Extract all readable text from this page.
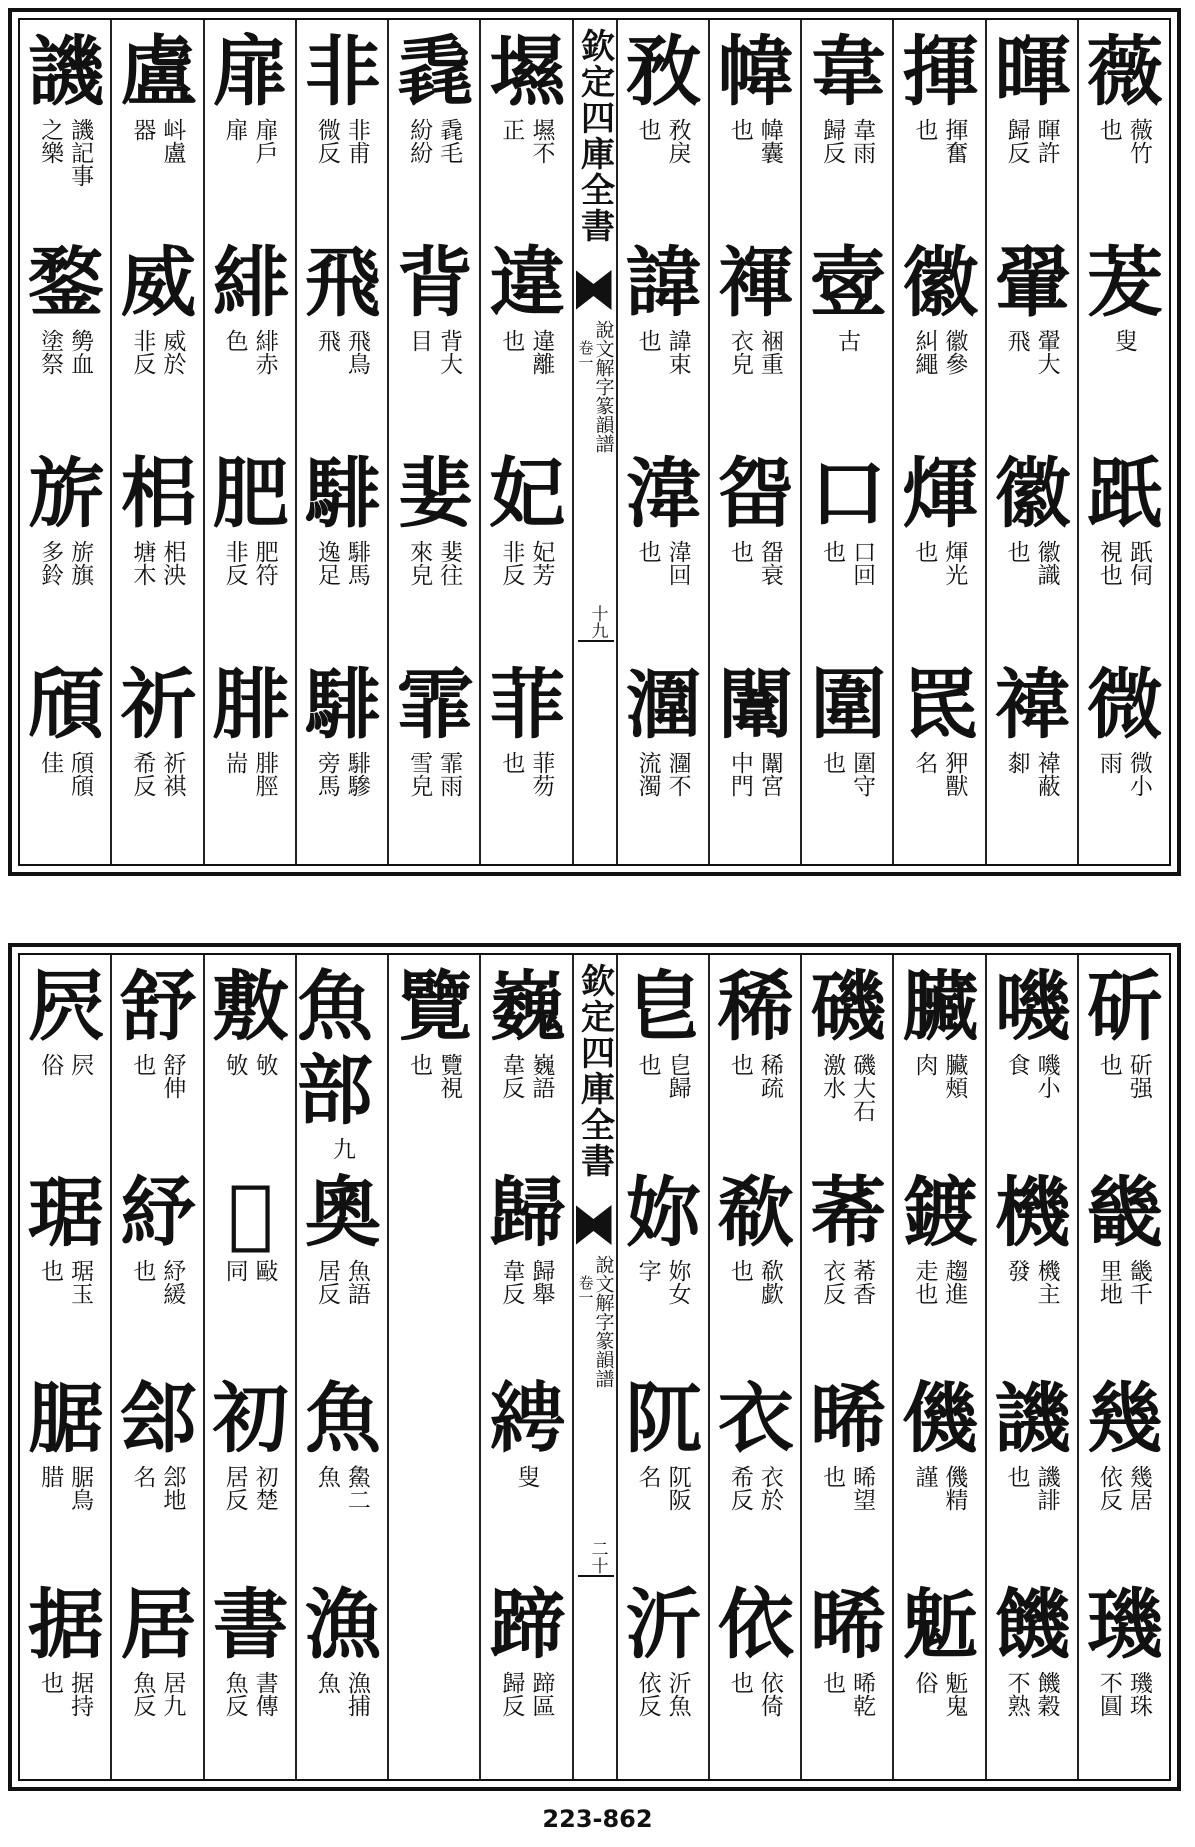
薇
薇竹
也
茇
叟
䟗
䟗伺
視也
微
微小
雨
暉
暉許
歸反
翬
翬大
飛
徽
徽識
也
褘
褘蔽
厀
揮
揮奮
也
徽
徽參
糾繩
煇
煇光
也
䍕
狎獸
名
韋
韋雨
歸反
㚃
古
口
口回
也
圍
圍守
也
幃
幃囊
也
褌
裍重
衣皃
㽜
㽜衰
也
闈
闈宮
中門
敄
敄戾
也
諱
諱束
也
湋
湋回
也
潿
潿不
流濁
欽定四庫全書
卷一
說文解字篆韻譜
十九
㙷
㙷不
正
違
違離
也
妃
妃芳
非反
菲
菲芴
也
毳
毳毛
紛紛
背
背大
目
婓
婓往
來皃
霏
霏雨
雪皃
非
非甫
微反
飛
飛鳥
飛
騑
騑馬
逸足
騑
騑驂
旁馬
扉
扉戶
扉
緋
緋赤
色
肥
肥符
非反
腓
腓脛
耑
盧
㞳盧
器
威
威於
非反
㭒
㭒泱
塘木
祈
祈祺
希反
譏
譏記事
之樂
鍪
㔢血
塗祭
旂
旂旗
多鈴
頎
頎頎
佳
斫
斫强
也
畿
畿千
里地
幾
幾居
依反
璣
璣珠
不圓
嘰
嘰小
食
機
機主
發
譏
譏誹
也
饑
饑穀
不熟
臟
臟頰
肉
鍍
趨進
走也
僟
僟精
謹
鬿
鬿鬼
俗
磯
磯大石
激水
莃
莃香
衣反
晞
晞望
也
晞
晞乾
也
稀
稀疏
也
欷
欷歔
也
衣
衣於
希反
依
依倚
也
皀
皀歸
也
妳
妳女
字
阢
阢阪
名
沂
沂魚
依反
欽定四庫全書
卷一
說文解字篆韻譜
二十
巍
巍語
韋反
歸
歸舉
韋反
𦀔
叟
蹄
蹄區
歸反
覽
覽視
也
魚部
九
奧
魚語
居反
魚
𩺰二
魚
漁
漁捕
魚
敷
敂
敂
𢿱
敺
同
初
初楚
居反
書
書傳
魚反
舒
舒伸
也
紓
紓緩
也
郐
郐地
名
居
居九
魚反
屄
屄
俗
琚
琚玉
也
腒
腒鳥
腊
据
据持
也
223-862
